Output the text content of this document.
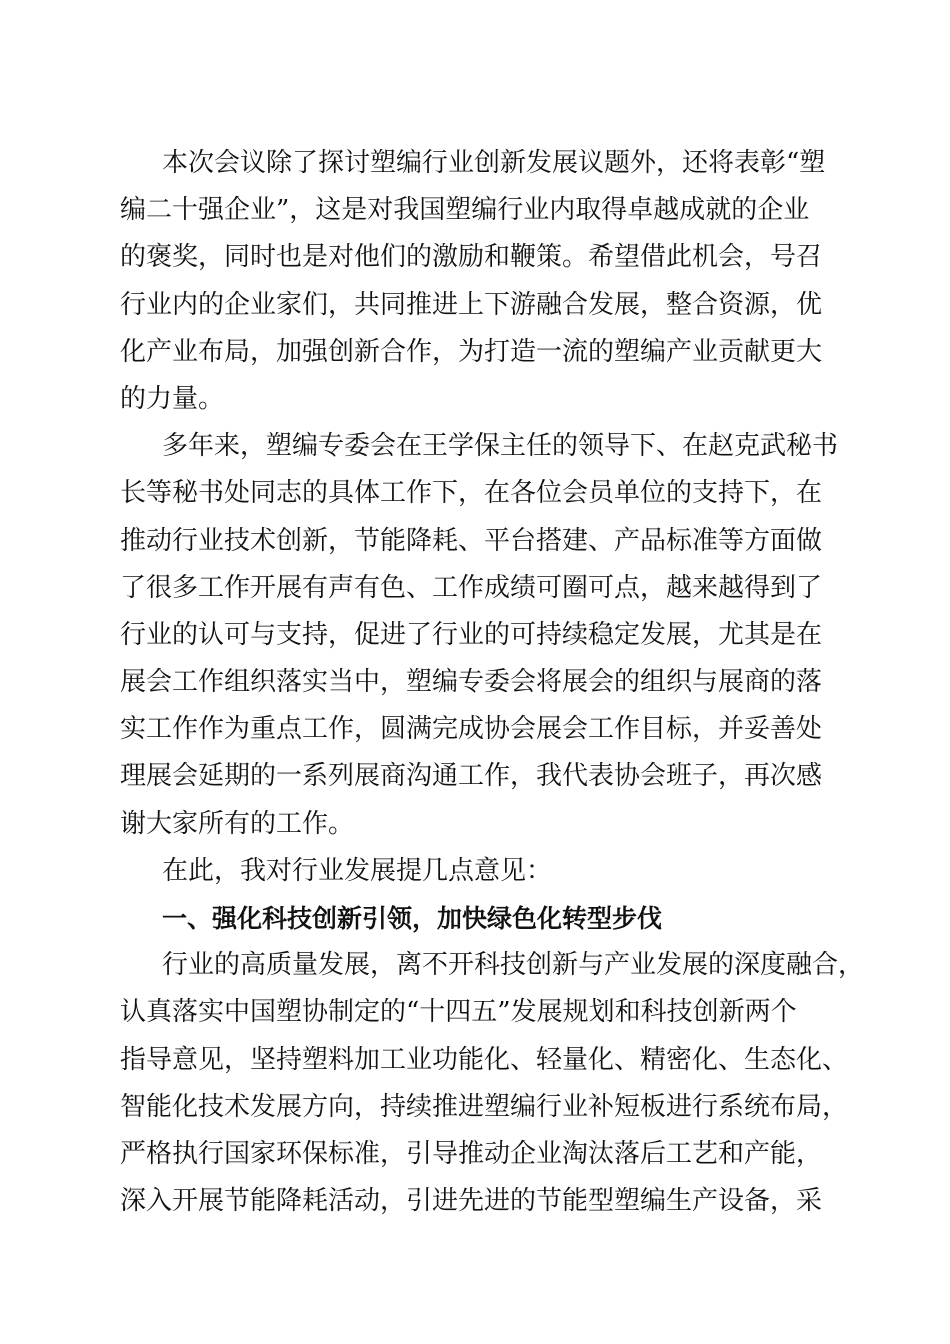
本次会议除了探讨塑编行业创新发展议题外，还将表彰“塑
编二十强企业”，这是对我国塑编行业内取得卓越成就的企业
的褒奖，同时也是对他们的激励和鞭策。希望借此机会，号召
行业内的企业家们，共同推进上下游融合发展，整合资源，优
化产业布局，加强创新合作，为打造一流的塑编产业贡献更大
的力量。
多年来，塑编专委会在王学保主任的领导下、在赵克武秘书
长等秘书处同志的具体工作下，在各位会员单位的支持下，在
推动行业技术创新，节能降耗、平台搭建、产品标准等方面做
了很多工作开展有声有色、工作成绩可圈可点，越来越得到了
行业的认可与支持，促进了行业的可持续稳定发展，尤其是在
展会工作组织落实当中，塑编专委会将展会的组织与展商的落
实工作作为重点工作，圆满完成协会展会工作目标，并妥善处
理展会延期的一系列展商沟通工作，我代表协会班子，再次感
谢大家所有的工作。
在此，我对行业发展提几点意见：
一、强化科技创新引领，加快绿色化转型步伐
行业的高质量发展，离不开科技创新与产业发展的深度融合，
认真落实中国塑协制定的“十四五”发展规划和科技创新两个
指导意见，坚持塑料加工业功能化、轻量化、精密化、生态化、
智能化技术发展方向，持续推进塑编行业补短板进行系统布局，
严格执行国家环保标准，引导推动企业淘汰落后工艺和产能，
深入开展节能降耗活动，引进先进的节能型塑编生产设备，采
